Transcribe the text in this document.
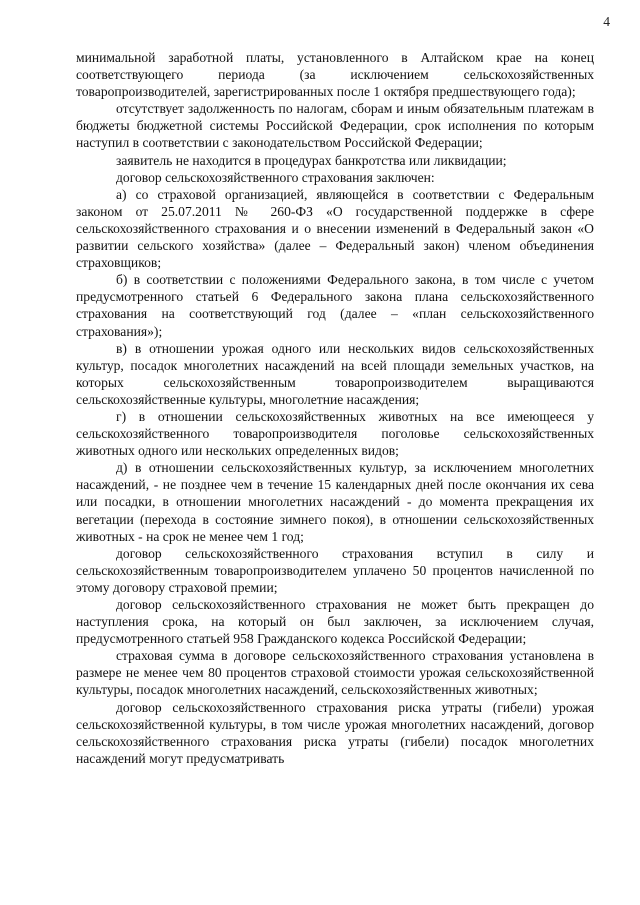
4

минимальной заработной платы, установленного в Алтайском крае на конец соответствующего периода (за исключением сельскохозяйственных товаропроизводителей, зарегистрированных после 1 октября предшествующего года);

отсутствует задолженность по налогам, сборам и иным обязательным платежам в бюджеты бюджетной системы Российской Федерации, срок исполнения по которым наступил в соответствии с законодательством Российской Федерации;

заявитель не находится в процедурах банкротства или ликвидации;

договор сельскохозяйственного страхования заключен:

а) со страховой организацией, являющейся в соответствии с Федеральным законом от 25.07.2011 № 260-ФЗ «О государственной поддержке в сфере сельскохозяйственного страхования и о внесении изменений в Федеральный закон «О развитии сельского хозяйства» (далее – Федеральный закон) членом объединения страховщиков;

б) в соответствии с положениями Федерального закона, в том числе с учетом предусмотренного статьей 6 Федерального закона плана сельскохозяйственного страхования на соответствующий год (далее – «план сельскохозяйственного страхования»);

в) в отношении урожая одного или нескольких видов сельскохозяйственных культур, посадок многолетних насаждений на всей площади земельных участков, на которых сельскохозяйственным товаропроизводителем выращиваются сельскохозяйственные культуры, многолетние насаждения;

г) в отношении сельскохозяйственных животных на все имеющееся у сельскохозяйственного товаропроизводителя поголовье сельскохозяйственных животных одного или нескольких определенных видов;

д) в отношении сельскохозяйственных культур, за исключением многолетних насаждений, - не позднее чем в течение 15 календарных дней после окончания их сева или посадки, в отношении многолетних насаждений - до момента прекращения их вегетации (перехода в состояние зимнего покоя), в отношении сельскохозяйственных животных - на срок не менее чем 1 год;

договор сельскохозяйственного страхования вступил в силу и сельскохозяйственным товаропроизводителем уплачено 50 процентов начисленной по этому договору страховой премии;

договор сельскохозяйственного страхования не может быть прекращен до наступления срока, на который он был заключен, за исключением случая, предусмотренного статьей 958 Гражданского кодекса Российской Федерации;

страховая сумма в договоре сельскохозяйственного страхования установлена в размере не менее чем 80 процентов страховой стоимости урожая сельскохозяйственной культуры, посадок многолетних насаждений, сельскохозяйственных животных;

договор сельскохозяйственного страхования риска утраты (гибели) урожая сельскохозяйственной культуры, в том числе урожая многолетних насаждений, договор сельскохозяйственного страхования риска утраты (гибели) посадок многолетних насаждений могут предусматривать
